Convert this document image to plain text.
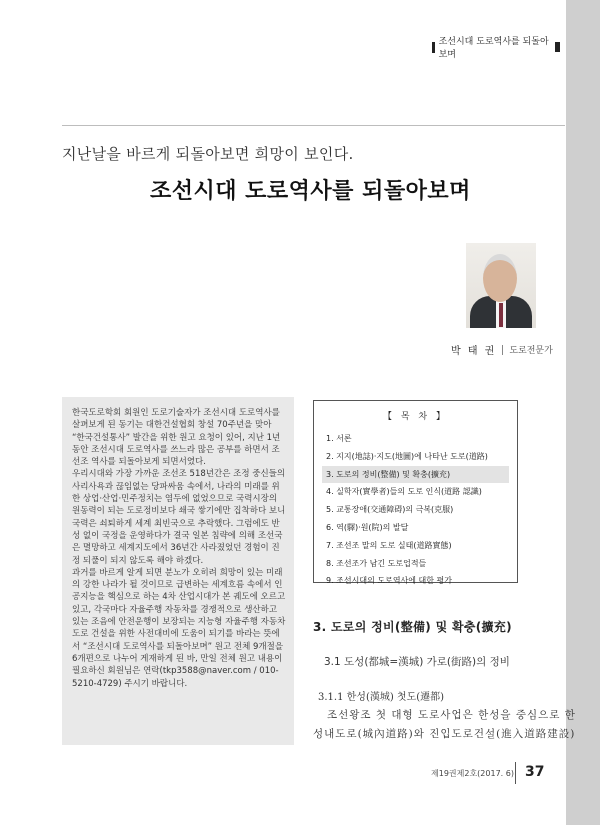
조선시대 도로역사를 되돌아보며
지난날을 바르게 되돌아보면 희망이 보인다.
조선시대 도로역사를 되돌아보며
박 태 권 도로전문가

한국도로학회 회원인 도로기술자가 조선시대 도로역사를 살펴보게 된 동기는 대한건설협회 창설 70주년을 맞아 “한국건설통사” 발간을 위한 원고 요청이 있어, 지난 1년 동안 조선시대 도로역사를 쓰느라 많은 공부를 하면서 조선조 역사를 되돌아보게 되면서였다.

우리시대와 가장 가까운 조선조 518년간은 조정 중신들의 사리사욕과 끊임없는 당파싸움 속에서, 나라의 미래를 위한 상업·산업·민주정치는 염두에 없었으므로 국력시장의 원동력이 되는 도로정비보다 쇄국 쌓기에만 집착하다 보니 국력은 쇠퇴하게 세계 최빈국으로 추락했다. 그럼에도 반성 없이 국정을 운영하다가 결국 일본 침략에 의해 조선국은 멸망하고 세계지도에서 36년간 사라졌었던 경험이 진정 되풀이 되지 않도록 해야 하겠다.

과거를 바르게 알게 되면 분노가 오히려 희망이 있는 미래의 강한 나라가 될 것이므로 급변하는 세계흐름 속에서 인공지능을 핵심으로 하는 4차 산업시대가 본 궤도에 오르고 있고, 각국마다 자율주행 자동차를 경쟁적으로 생산하고 있는 조음에 안전운행이 보장되는 지능형 자율주행 자동차도로 건설을 위한 사전대비에 도움이 되기를 바라는 뜻에서 “조선시대 도로역사를 되돌아보며” 원고 전체 9개절을 6개편으로 나누어 게재하게 된 바, 만일 전체 원고 내용이 필요하신 회원님은 연락(tkp3588@naver.com / 010-5210-4729) 주시기 바랍니다.

【 목 차 】
1. 서론
2. 지지(地誌)·지도(地圖)에 나타난 도로(道路)
3. 도로의 정비(整備) 및 확충(擴充)
4. 실학자(實學者)들의 도로 인식(道路 認識)
5. 교통장애(交通障碍)의 극복(克服)
6. 역(驛)·원(院)의 발달
7. 조선조 말의 도로 실태(道路實態)
8. 조선조가 남긴 도로업적들
9. 조선시대의 도로역사에 대한 평가
3. 도로의 정비(整備) 및 확충(擴充)
3.1 도성(都城=漢城) 가로(街路)의 정비
3.1.1 한성(漢城) 첫도(遷都)
조선왕조 첫 대형 도로사업은 한성을 중심으로 한
성내도로(城內道路)와 진입도로건설(進入道路建設)
제19권제2호(2017. 6) 37
